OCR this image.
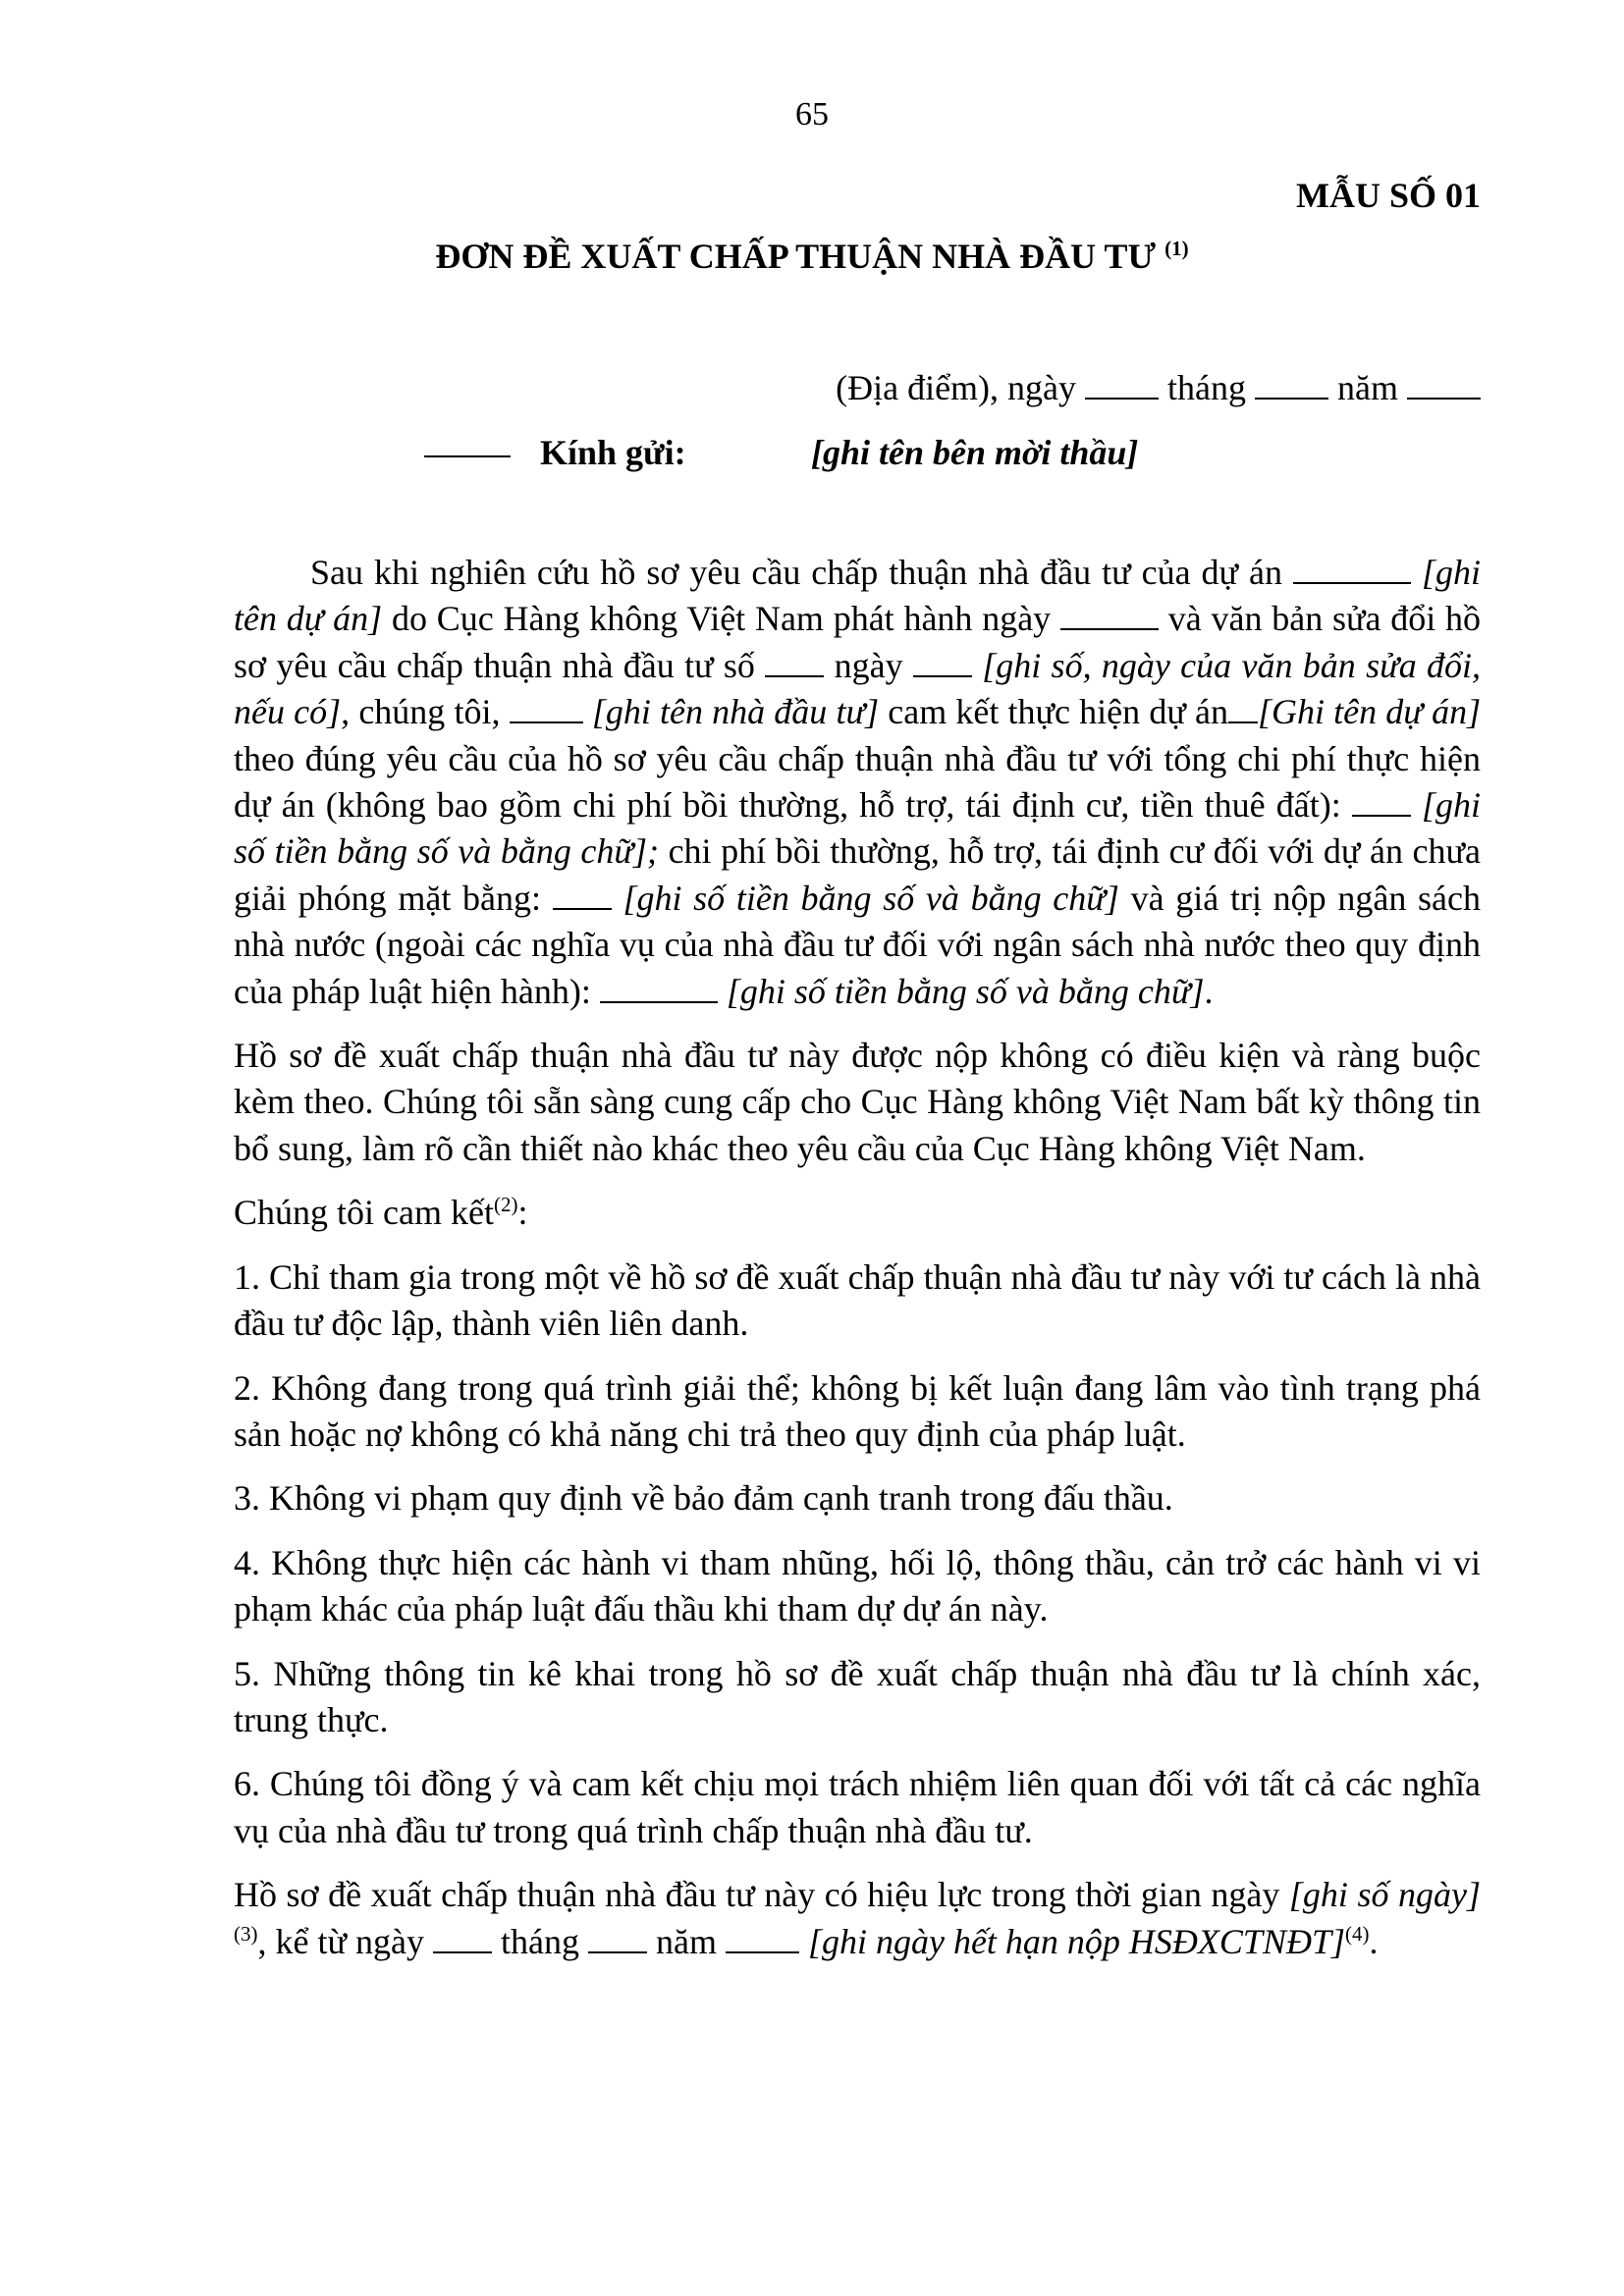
65
MẪU SỐ 01
ĐƠN ĐỀ XUẤT CHẤP THUẬN NHÀ ĐẦU TƯ $^{(1)}$
(Địa điểm), ngày	tháng	năm
Kính gửi:	[ghi tên bên mời thầu]

Sau khi nghiên cứu hồ sơ yêu cầu chấp thuận nhà đầu tư của dự án	[ghi tên dự án] do Cục Hàng không Việt Nam phát hành ngày	và văn bản sửa đổi hồ sơ yêu cầu chấp thuận nhà đầu tư số ngày [ghi số, ngày của văn bản sửa đổi, nếu có], chúng tôi,	[ghi tên nhà đầu tư] cam kết thực hiện dự án [Ghi tên dự án] theo đúng yêu cầu của hồ sơ yêu cầu chấp thuận nhà đầu tư với tổng chi phí thực hiện dự án (không bao gồm chi phí bồi thường, hỗ trợ, tái định cư, tiền thuê đất): [ghi số tiền bằng số và bằng chữ]; chi phí bồi thường, hỗ trợ, tái định cư đối với dự án chưa giải phóng mặt bằng: [ghi số tiền bằng số và bằng chữ] và giá trị nộp ngân sách nhà nước (ngoài các nghĩa vụ của nhà đầu tư đối với ngân sách nhà nước theo quy định của pháp luật hiện hành):	[ghi số tiền bằng số và bằng chữ].

Hồ sơ đề xuất chấp thuận nhà đầu tư này được nộp không có điều kiện và ràng buộc kèm theo. Chúng tôi sẵn sàng cung cấp cho Cục Hàng không Việt Nam bất kỳ thông tin bổ sung, làm rõ cần thiết nào khác theo yêu cầu của Cục Hàng không Việt Nam.

Chúng tôi cam kết$^{(2)}$:

1. Chỉ tham gia trong một về hồ sơ đề xuất chấp thuận nhà đầu tư này với tư cách là nhà đầu tư độc lập, thành viên liên danh.

2. Không đang trong quá trình giải thể; không bị kết luận đang lâm vào tình trạng phá sản hoặc nợ không có khả năng chi trả theo quy định của pháp luật.

3. Không vi phạm quy định về bảo đảm cạnh tranh trong đấu thầu.

4. Không thực hiện các hành vi tham nhũng, hối lộ, thông thầu, cản trở các hành vi vi phạm khác của pháp luật đấu thầu khi tham dự dự án này.

5. Những thông tin kê khai trong hồ sơ đề xuất chấp thuận nhà đầu tư là chính xác, trung thực.

6. Chúng tôi đồng ý và cam kết chịu mọi trách nhiệm liên quan đối với tất cả các nghĩa vụ của nhà đầu tư trong quá trình chấp thuận nhà đầu tư.

Hồ sơ đề xuất chấp thuận nhà đầu tư này có hiệu lực trong thời gian ngày [ghi số ngày]$^{(3)}$, kể từ ngày tháng năm	[ghi ngày hết hạn nộp HSĐXCTNĐT]$^{(4)}$.
